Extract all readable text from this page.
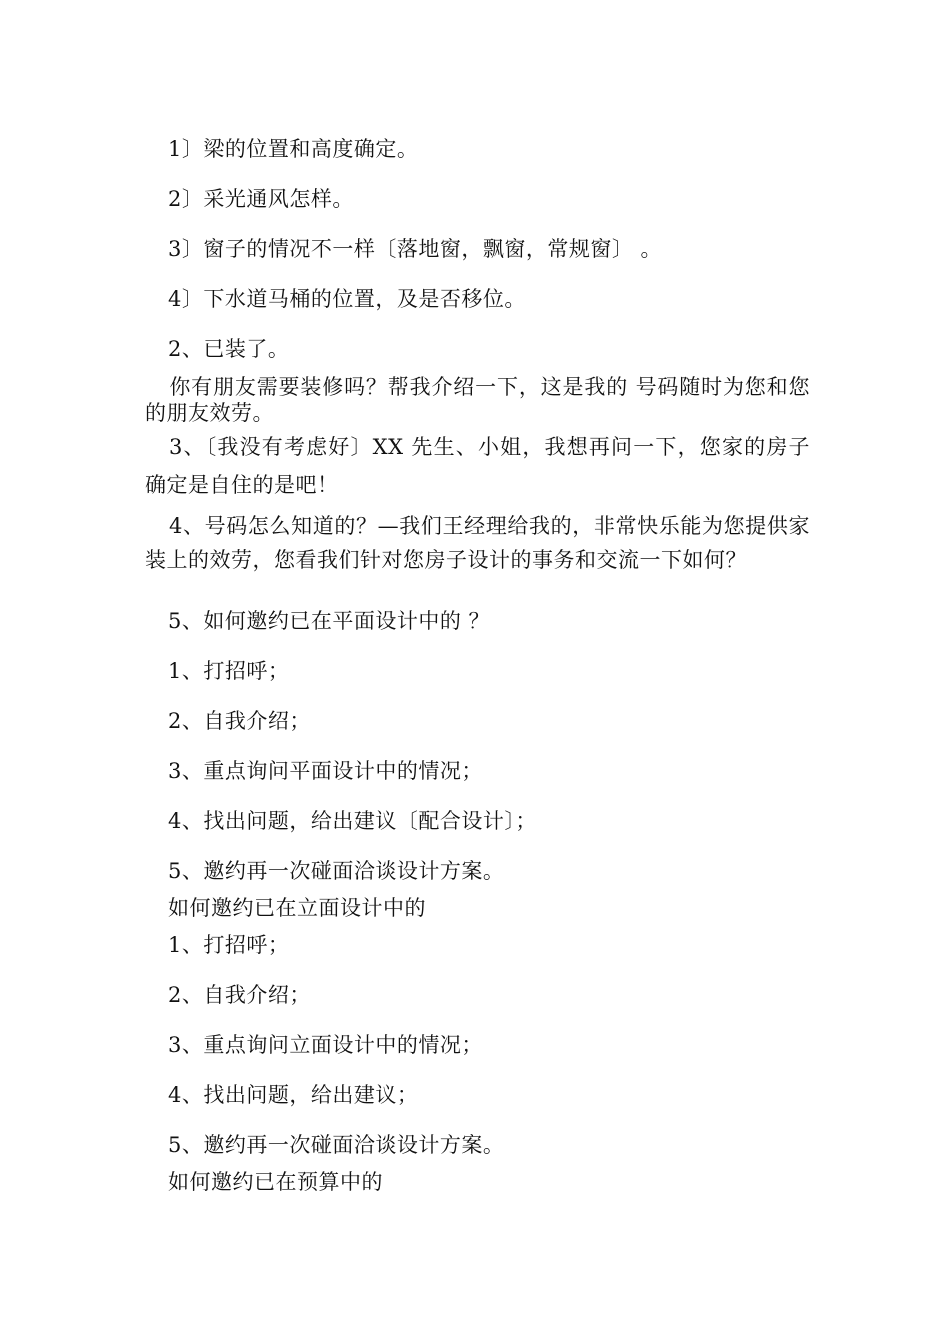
1〕梁的位置和高度确定。
2〕采光通风怎样。
3〕窗子的情况不一样〔落地窗，飘窗，常规窗〕 。
4〕下水道马桶的位置，及是否移位。
2、已装了。
你有朋友需要装修吗？帮我介绍一下，这是我的 号码随时为您和您的朋友效劳。
3、〔我没有考虑好〕XX 先生、小姐，我想再问一下，您家的房子确定是自住的是吧！
4、号码怎么知道的？—我们王经理给我的，非常快乐能为您提供家装上的效劳，您看我们针对您房子设计的事务和交流一下如何？
5、如何邀约已在平面设计中的 ？
1、打招呼；
2、自我介绍；
3、重点询问平面设计中的情况；
4、找出问题，给出建议〔配合设计〕；
5、邀约再一次碰面洽谈设计方案。
如何邀约已在立面设计中的
1、打招呼；
2、自我介绍；
3、重点询问立面设计中的情况；
4、找出问题，给出建议；
5、邀约再一次碰面洽谈设计方案。
如何邀约已在预算中的
